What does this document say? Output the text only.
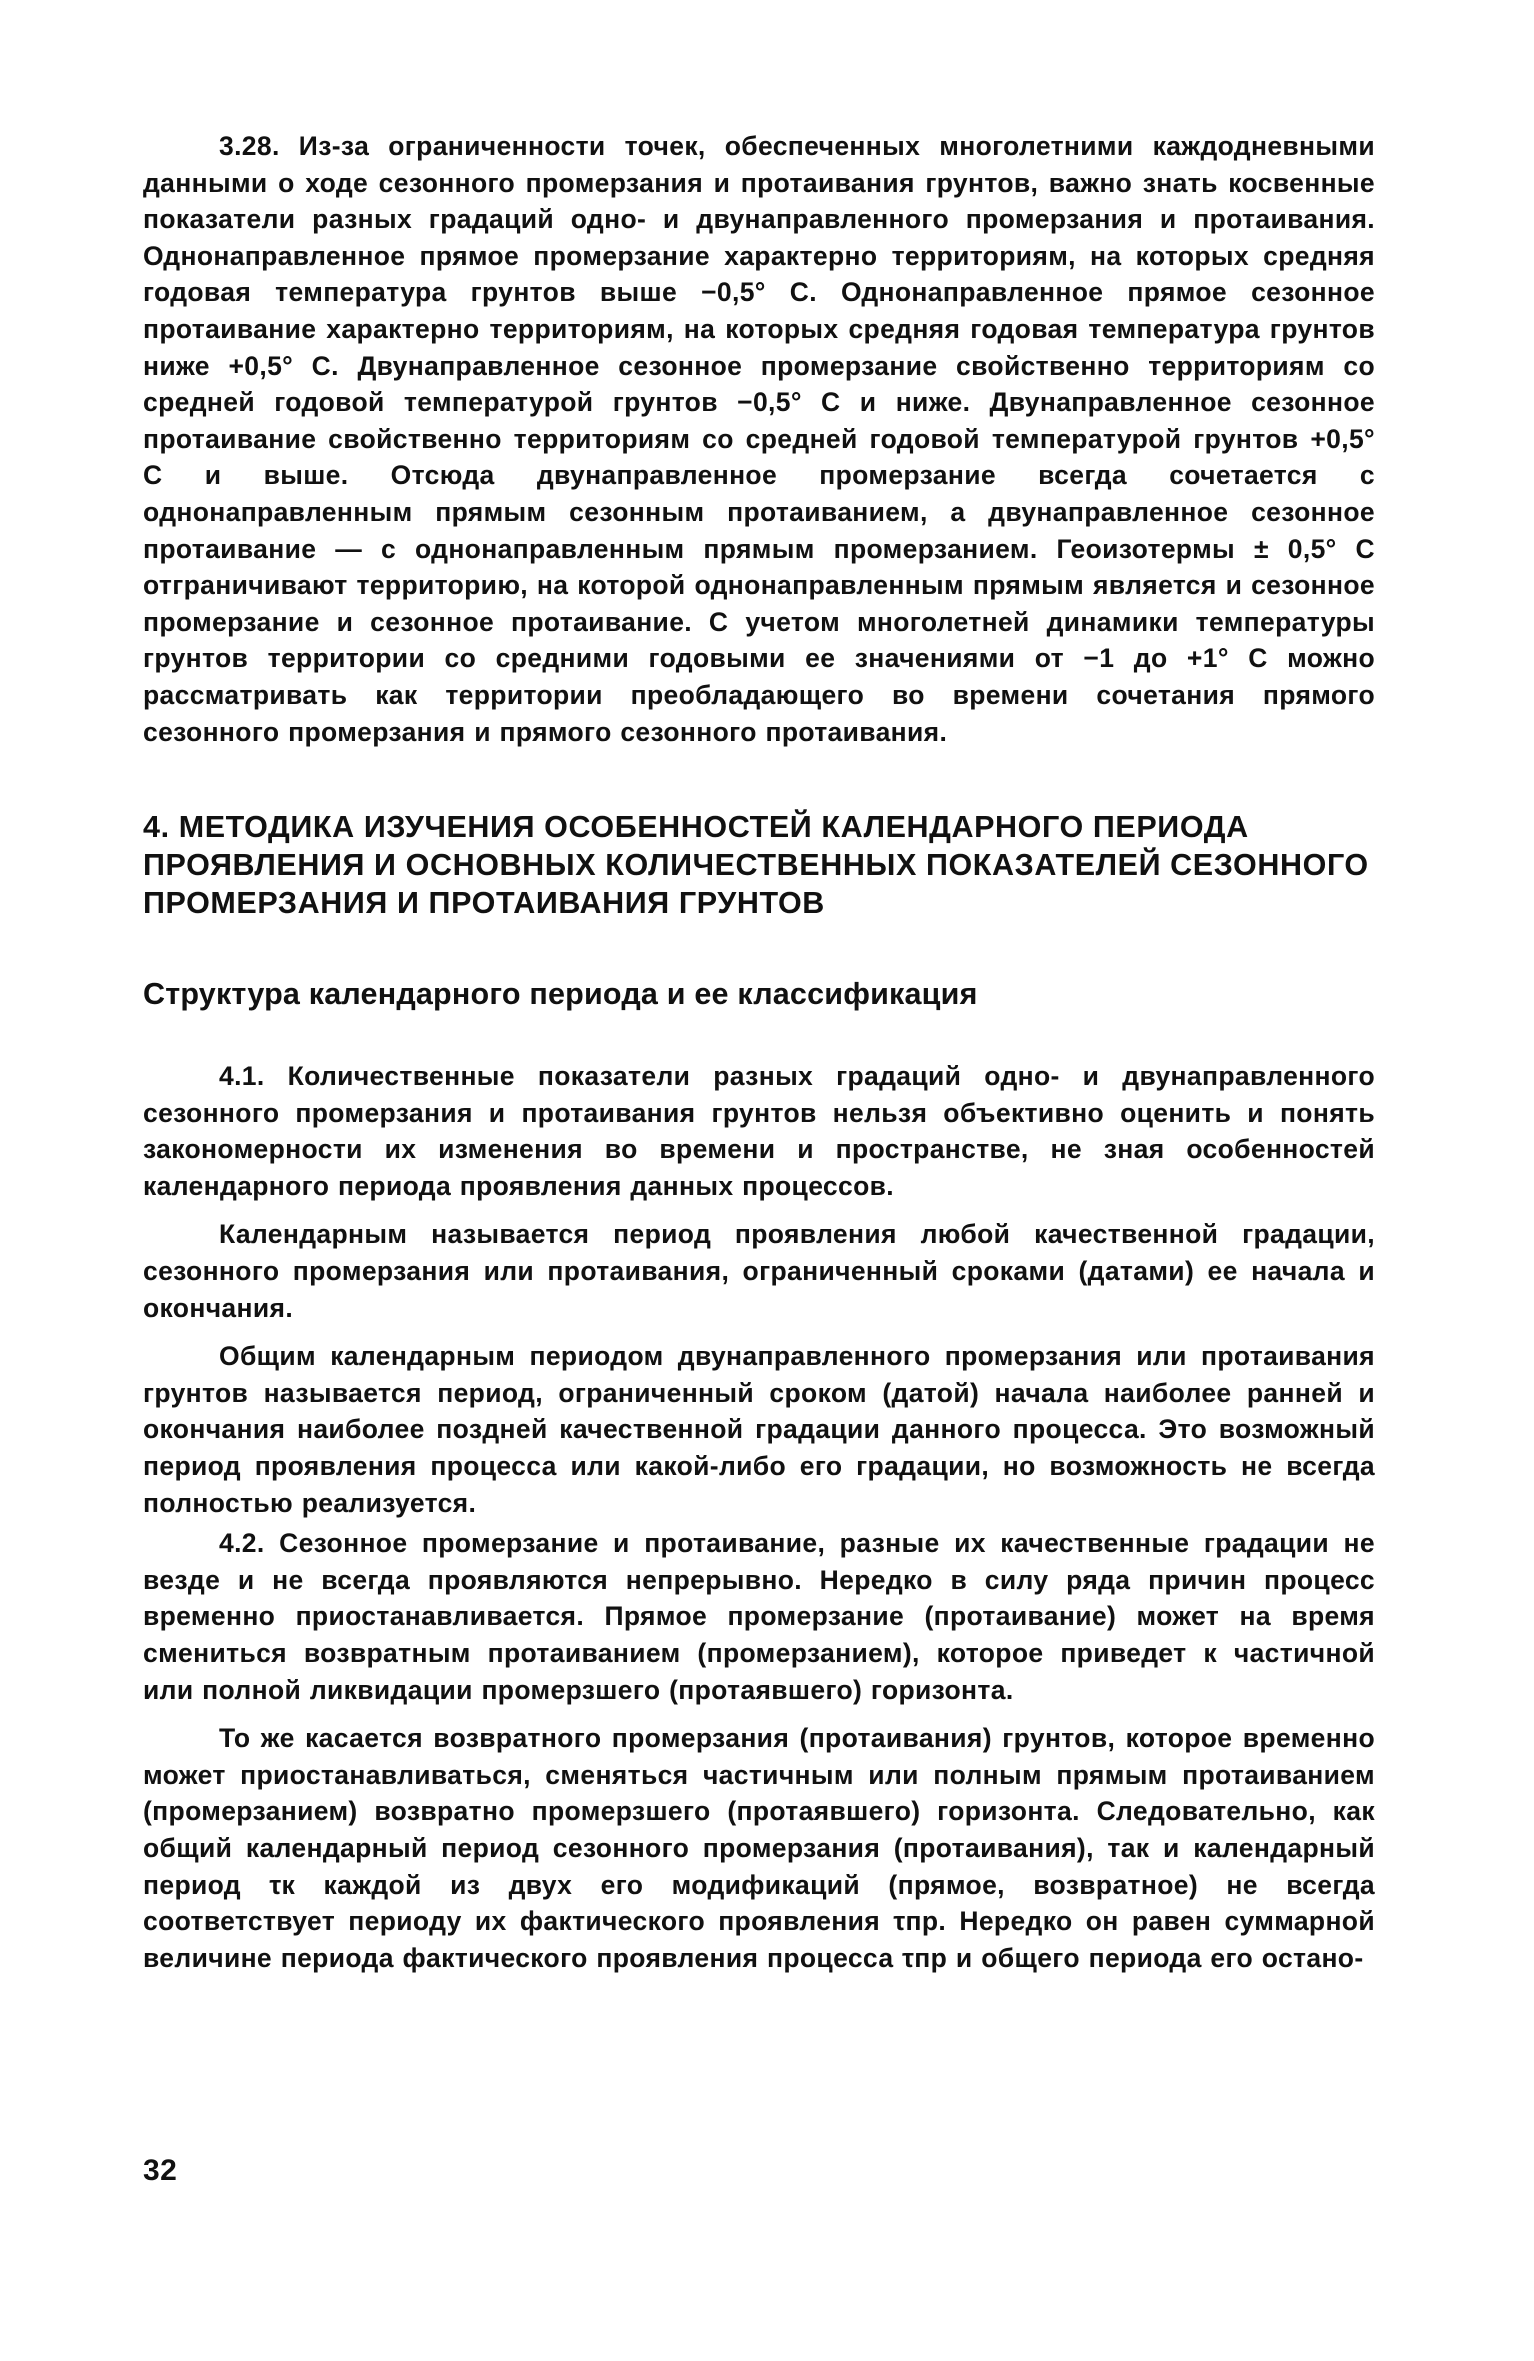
3.28. Из-за ограниченности точек, обеспеченных многолетними каждодневными данными о ходе сезонного промерзания и протаивания грунтов, важно знать косвенные показатели разных градаций одно- и двунаправленного промерзания и протаивания. Однонаправленное прямое промерзание характерно территориям, на которых средняя годовая температура грунтов выше −0,5° С. Однонаправленное прямое сезонное протаивание характерно территориям, на которых средняя годовая температура грунтов ниже +0,5° С. Двунаправленное сезонное промерзание свойственно территориям со средней годовой температурой грунтов −0,5° С и ниже. Двунаправленное сезонное протаивание свойственно территориям со средней годовой температурой грунтов +0,5° С и выше. Отсюда двунаправленное промерзание всегда сочетается с однонаправленным прямым сезонным протаиванием, а двунаправленное сезонное протаивание — с однонаправленным прямым промерзанием. Геоизотермы ± 0,5° С отграничивают территорию, на которой однонаправленным прямым является и сезонное промерзание и сезонное протаивание. С учетом многолетней динамики температуры грунтов территории со средними годовыми ее значениями от −1 до +1° С можно рассматривать как территории преобладающего во времени сочетания прямого сезонного промерзания и прямого сезонного протаивания.

4. МЕТОДИКА ИЗУЧЕНИЯ ОСОБЕННОСТЕЙ КАЛЕНДАРНОГО ПЕРИОДА ПРОЯВЛЕНИЯ И ОСНОВНЫХ КОЛИЧЕСТВЕННЫХ ПОКАЗАТЕЛЕЙ СЕЗОННОГО ПРОМЕРЗАНИЯ И ПРОТАИВАНИЯ ГРУНТОВ
Структура календарного периода и ее классификация

4.1. Количественные показатели разных градаций одно- и двунаправленного сезонного промерзания и протаивания грунтов нельзя объективно оценить и понять закономерности их изменения во времени и пространстве, не зная особенностей календарного периода проявления данных процессов.

Календарным называется период проявления любой качественной градации, сезонного промерзания или протаивания, ограниченный сроками (датами) ее начала и окончания.

Общим календарным периодом двунаправленного промерзания или протаивания грунтов называется период, ограниченный сроком (датой) начала наиболее ранней и окончания наиболее поздней качественной градации данного процесса. Это возможный период проявления процесса или какой-либо его градации, но возможность не всегда полностью реализуется.

4.2. Сезонное промерзание и протаивание, разные их качественные градации не везде и не всегда проявляются непрерывно. Нередко в силу ряда причин процесс временно приостанавливается. Прямое промерзание (протаивание) может на время смениться возвратным протаиванием (промерзанием), которое приведет к частичной или полной ликвидации промерзшего (протаявшего) горизонта.

То же касается возвратного промерзания (протаивания) грунтов, которое временно может приостанавливаться, сменяться частичным или полным прямым протаиванием (промерзанием) возвратно промерзшего (протаявшего) горизонта. Следовательно, как общий календарный период сезонного промерзания (протаивания), так и календарный период τк каждой из двух его модификаций (прямое, возвратное) не всегда соответствует периоду их фактического проявления τпр. Нередко он равен суммарной величине периода фактического проявления процесса τпр и общего периода его остано-

32
